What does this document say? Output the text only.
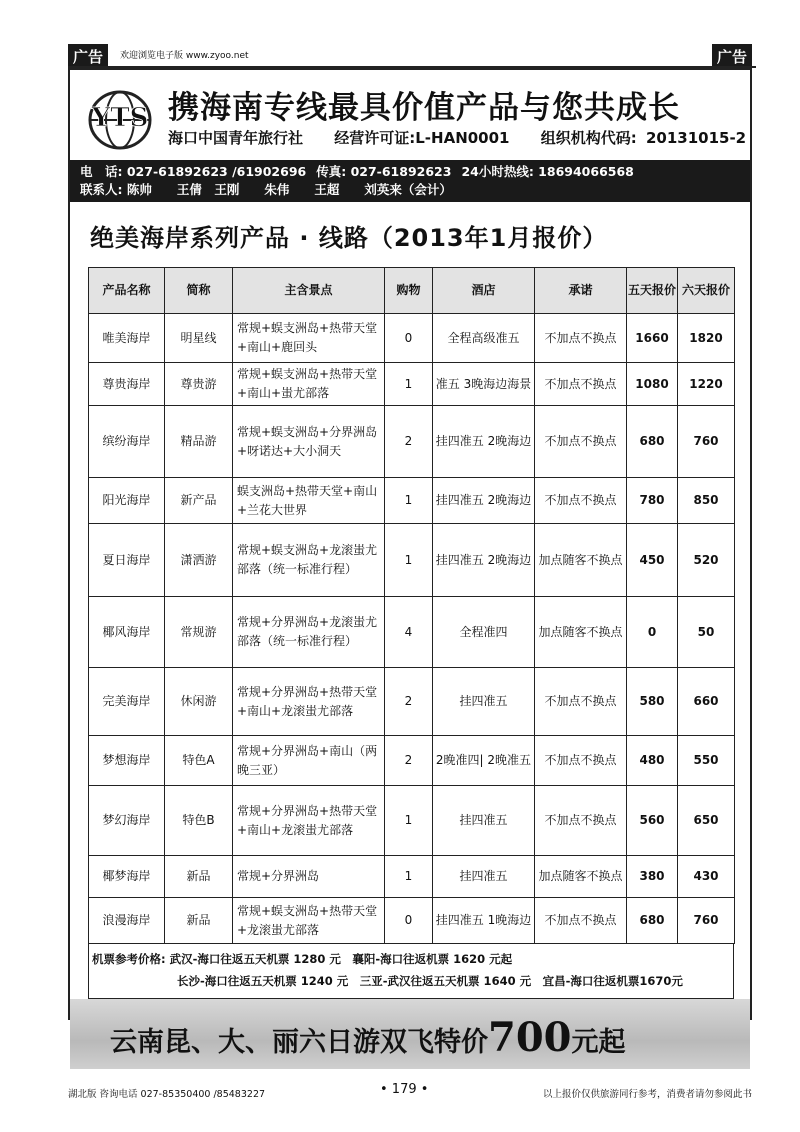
广告	广告
欢迎浏览电子版 www.zyoo.net
YTS 携海南专线最具价值产品与您共成长
海口中国青年旅行社 经营许可证:L-HAN0001 组织机构代码: 20131015-2
电　话: 027-61892623 /61902696 传真: 027-61892623 24小时热线: 18694066568
联系人: 陈帅　　王倩　王刚　　朱伟　　王超　　刘英来（会计）
绝美海岸系列产品 · 线路（2013年1月报价）
产品名称	简称	主含景点	购物	酒店	承诺	五天报价	六天报价
唯美海岸	明星线	常规+蜈支洲岛+热带天堂+南山+鹿回头	0	全程高级准五	不加点不换点	1660	1820
尊贵海岸	尊贵游	常规+蜈支洲岛+热带天堂+南山+蚩尤部落	1	准五 3晚海边海景	不加点不换点	1080	1220
缤纷海岸	精品游	常规+蜈支洲岛+分界洲岛+呀诺达+大小洞天	2	挂四准五 2晚海边	不加点不换点	680	760
阳光海岸	新产品	蜈支洲岛+热带天堂+南山+兰花大世界	1	挂四准五 2晚海边	不加点不换点	780	850
夏日海岸	潇洒游	常规+蜈支洲岛+龙滚蚩尤部落（统一标准行程）	1	挂四准五 2晚海边	加点随客不换点	450	520
椰风海岸	常规游	常规+分界洲岛+龙滚蚩尤部落（统一标准行程）	4	全程准四	加点随客不换点	0	50
完美海岸	休闲游	常规+分界洲岛+热带天堂+南山+龙滚蚩尤部落	2	挂四准五	不加点不换点	580	660
梦想海岸	特色A	常规+分界洲岛+南山（两晚三亚）	2	2晚准四| 2晚准五	不加点不换点	480	550
梦幻海岸	特色B	常规+分界洲岛+热带天堂+南山+龙滚蚩尤部落	1	挂四准五	不加点不换点	560	650
椰梦海岸	新品	常规+分界洲岛	1	挂四准五	加点随客不换点	380	430
浪漫海岸	新品	常规+蜈支洲岛+热带天堂+龙滚蚩尤部落	0	挂四准五 1晚海边	不加点不换点	680	760
机票参考价格: 武汉-海口往返五天机票 1280 元　襄阳-海口往返机票 1620 元起
长沙-海口往返五天机票 1240 元　三亚-武汉往返五天机票 1640 元　宜昌-海口往返机票1670元
云南昆、大、丽六日游双飞特价700元起
湖北版 咨询电话 027-85350400 /85483227	• 179 •	以上报价仅供旅游同行参考，消费者请勿参阅此书
